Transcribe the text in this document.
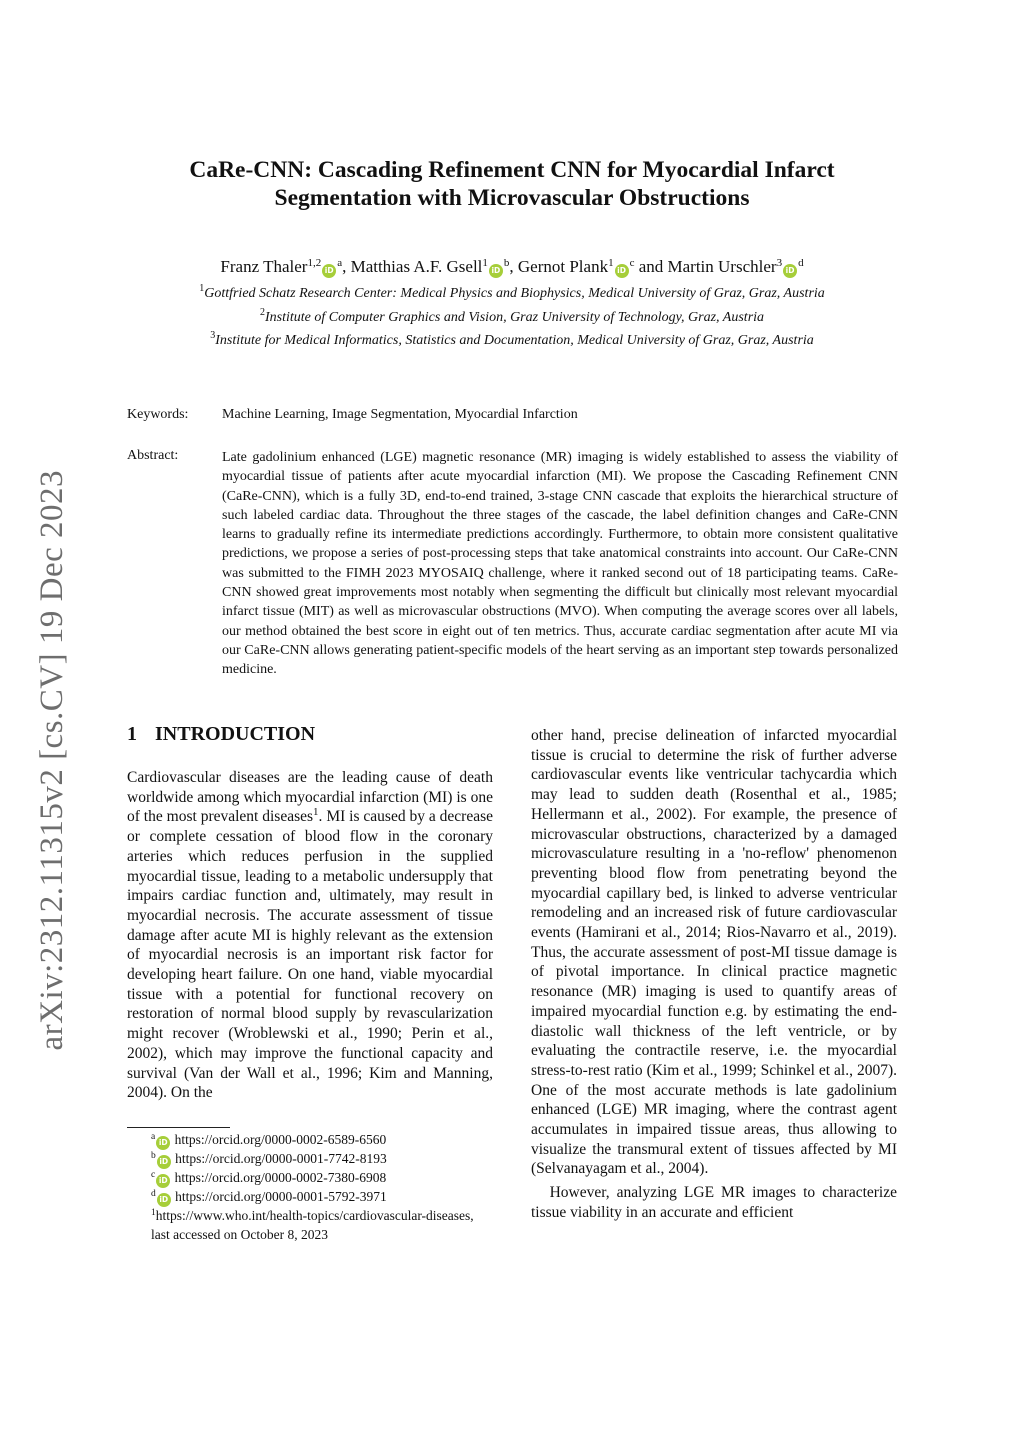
arXiv:2312.11315v2 [cs.CV] 19 Dec 2023
CaRe-CNN: Cascading Refinement CNN for Myocardial Infarct
Segmentation with Microvascular Obstructions
Franz $Thaler^{1,2}iD^a$, Matthias A.F. $Gsell^1iD^b$, Gernot $Plank^1iD^c$ and Martin $Urschler^3iD^d$
$^1$Gottfried Schatz Research Center: Medical Physics and Biophysics, Medical University of Graz, Graz, Austria
$^2$Institute of Computer Graphics and Vision, Graz University of Technology, Graz, Austria
$^3$Institute for Medical Informatics, Statistics and Documentation, Medical University of Graz, Graz, Austria
Keywords: Machine Learning, Image Segmentation, Myocardial Infarction
Abstract:	Late gadolinium enhanced (LGE) magnetic resonance (MR) imaging is widely established to assess the viability of myocardial tissue of patients after acute myocardial infarction (MI). We propose the Cascading Refinement CNN (CaRe-CNN), which is a fully 3D, end-to-end trained, 3-stage CNN cascade that exploits the hierarchical structure of such labeled cardiac data. Throughout the three stages of the cascade, the label definition changes and CaRe-CNN learns to gradually refine its intermediate predictions accordingly. Furthermore, to obtain more consistent qualitative predictions, we propose a series of post-processing steps that take anatomical constraints into account. Our CaRe-CNN was submitted to the FIMH 2023 MYOSAIQ challenge, where it ranked second out of 18 participating teams. CaRe-CNN showed great improvements most notably when segmenting the difficult but clinically most relevant myocardial infarct tissue (MIT) as well as microvascular obstructions (MVO). When computing the average scores over all labels, our method obtained the best score in eight out of ten metrics. Thus, accurate cardiac segmentation after acute MI via our CaRe-CNN allows generating patient-specific models of the heart serving as an important step towards personalized medicine.
1 INTRODUCTION

Cardiovascular diseases are the leading cause of death worldwide among which myocardial infarction (MI) is one of the most prevalent diseases$^1$. MI is caused by a decrease or complete cessation of blood flow in the coronary arteries which reduces perfusion in the supplied myocardial tissue, leading to a metabolic undersupply that impairs cardiac function and, ultimately, may result in myocardial necrosis. The accurate assessment of tissue damage after acute MI is highly relevant as the extension of myocardial necrosis is an important risk factor for developing heart failure. On one hand, viable myocardial tissue with a potential for functional recovery on restoration of normal blood supply by revascularization might recover (Wroblewski et al., 1990; Perin et al., 2002), which may improve the functional capacity and survival (Van der Wall et al., 1996; Kim and Manning, 2004). On the

other hand, precise delineation of infarcted myocardial tissue is crucial to determine the risk of further adverse cardiovascular events like ventricular tachycardia which may lead to sudden death (Rosenthal et al., 1985; Hellermann et al., 2002). For example, the presence of microvascular obstructions, characterized by a damaged microvasculature resulting in a 'no-reflow' phenomenon preventing blood flow from penetrating beyond the myocardial capillary bed, is linked to adverse ventricular remodeling and an increased risk of future cardiovascular events (Hamirani et al., 2014; Rios-Navarro et al., 2019). Thus, the accurate assessment of post-MI tissue damage is of pivotal importance. In clinical practice magnetic resonance (MR) imaging is used to quantify areas of impaired myocardial function e.g. by estimating the end-diastolic wall thickness of the left ventricle, or by evaluating the contractile reserve, i.e. the myocardial stress-to-rest ratio (Kim et al., 1999; Schinkel et al., 2007). One of the most accurate methods is late gadolinium enhanced (LGE) MR imaging, where the contrast agent accumulates in impaired tissue areas, thus allowing to visualize the transmural extent of tissues affected by MI (Selvanayagam et al., 2004).

However, analyzing LGE MR images to characterize tissue viability in an accurate and efficient

$^a$iD https://orcid.org/0000-0002-6589-6560
$^b$iD https://orcid.org/0000-0001-7742-8193
$^c$iD https://orcid.org/0000-0002-7380-6908
$^d$iD https://orcid.org/0000-0001-5792-3971
$^1$https://www.who.int/health-topics/cardiovascular-diseases, last accessed on October 8, 2023
